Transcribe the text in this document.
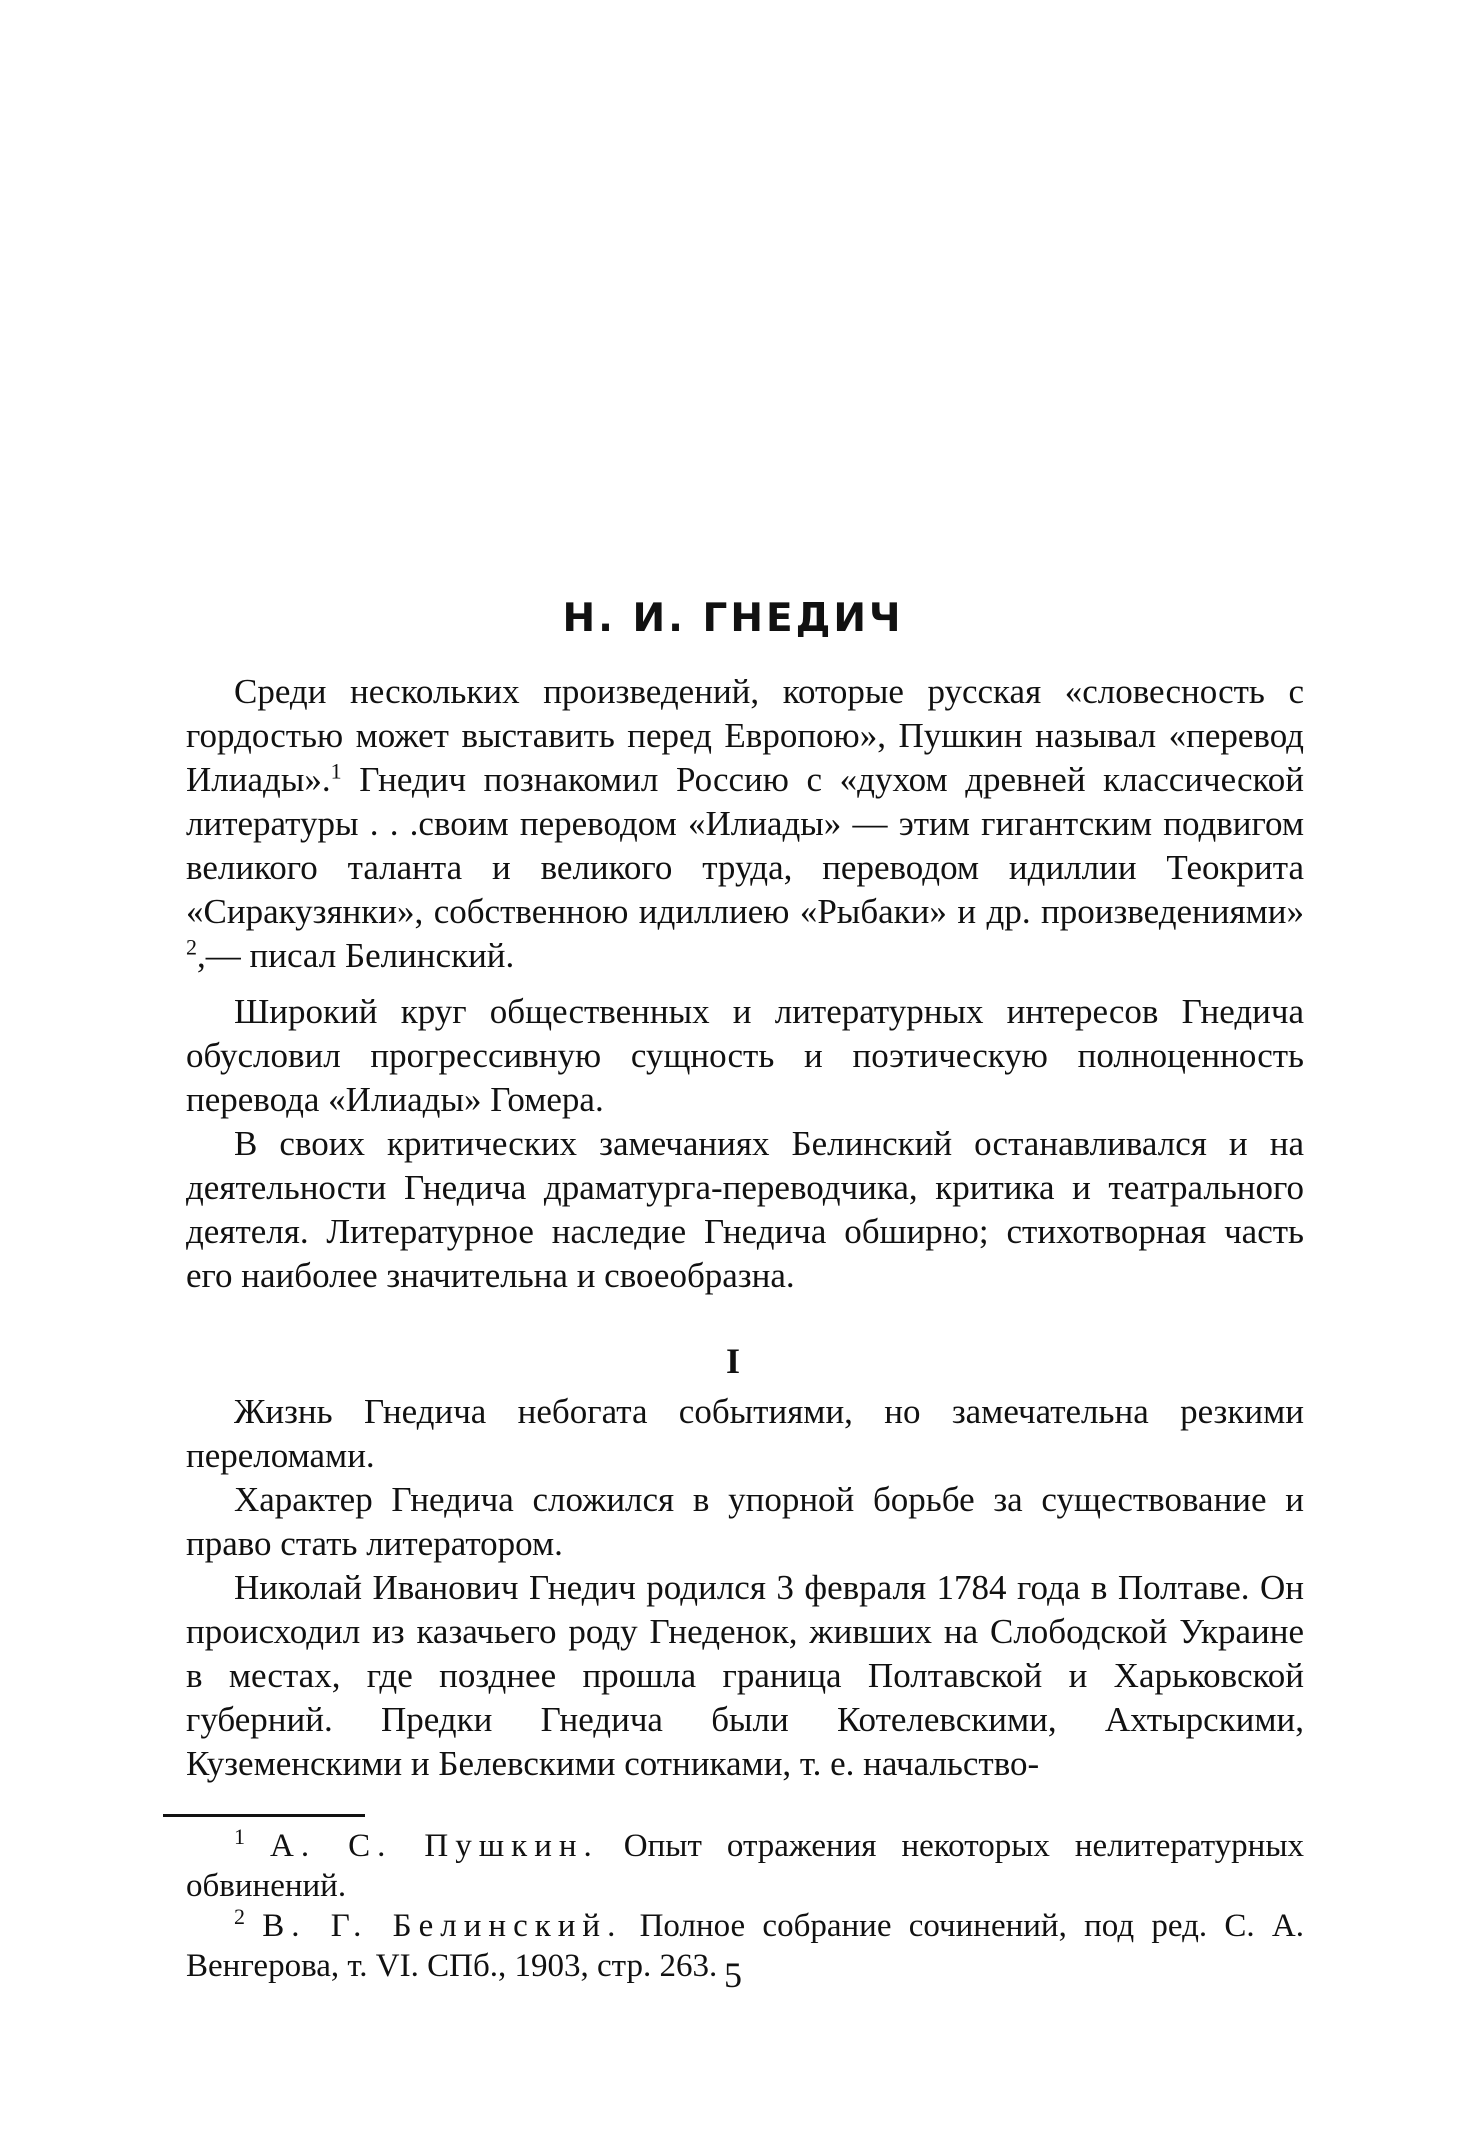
Н. И. ГНЕДИЧ

Среди нескольких произведений, которые русская «словесность с гордостью может выставить перед Европою», Пушкин называл «перевод Илиады».$^1$ Гнедич познакомил Россию с «духом древней классической литературы . . .своим переводом «Илиады» — этим гигантским подвигом великого таланта и великого труда, переводом идиллии Теокрита «Сиракузянки», собственною идиллиею «Рыбаки» и др. произведениями» $^2$,— писал Белинский.

Широкий круг общественных и литературных интересов Гнедича обусловил прогрессивную сущность и поэтическую полноценность перевода «Илиады» Гомера.

В своих критических замечаниях Белинский останавливался и на деятельности Гнедича драматурга-переводчика, критика и театрального деятеля. Литературное наследие Гнедича обширно; стихотворная часть его наиболее значительна и своеобразна.

I

Жизнь Гнедича небогата событиями, но замечательна резкими переломами.

Характер Гнедича сложился в упорной борьбе за существование и право стать литератором.

Николай Иванович Гнедич родился 3 февраля 1784 года в Полтаве. Он происходил из казачьего роду Гнеденок, живших на Слободской Украине в местах, где позднее прошла граница Полтавской и Харьковской губерний. Предки Гнедича были Котелевскими, Ахтырскими, Куземенскими и Белевскими сотниками, т. е. начальство-

$^1$ А. С. Пушкин. Опыт отражения некоторых нелитературных обвинений.

$^2$ В. Г. Белинский. Полное собрание сочинений, под ред. С. А. Венгерова, т. VI. СПб., 1903, стр. 263. 5
